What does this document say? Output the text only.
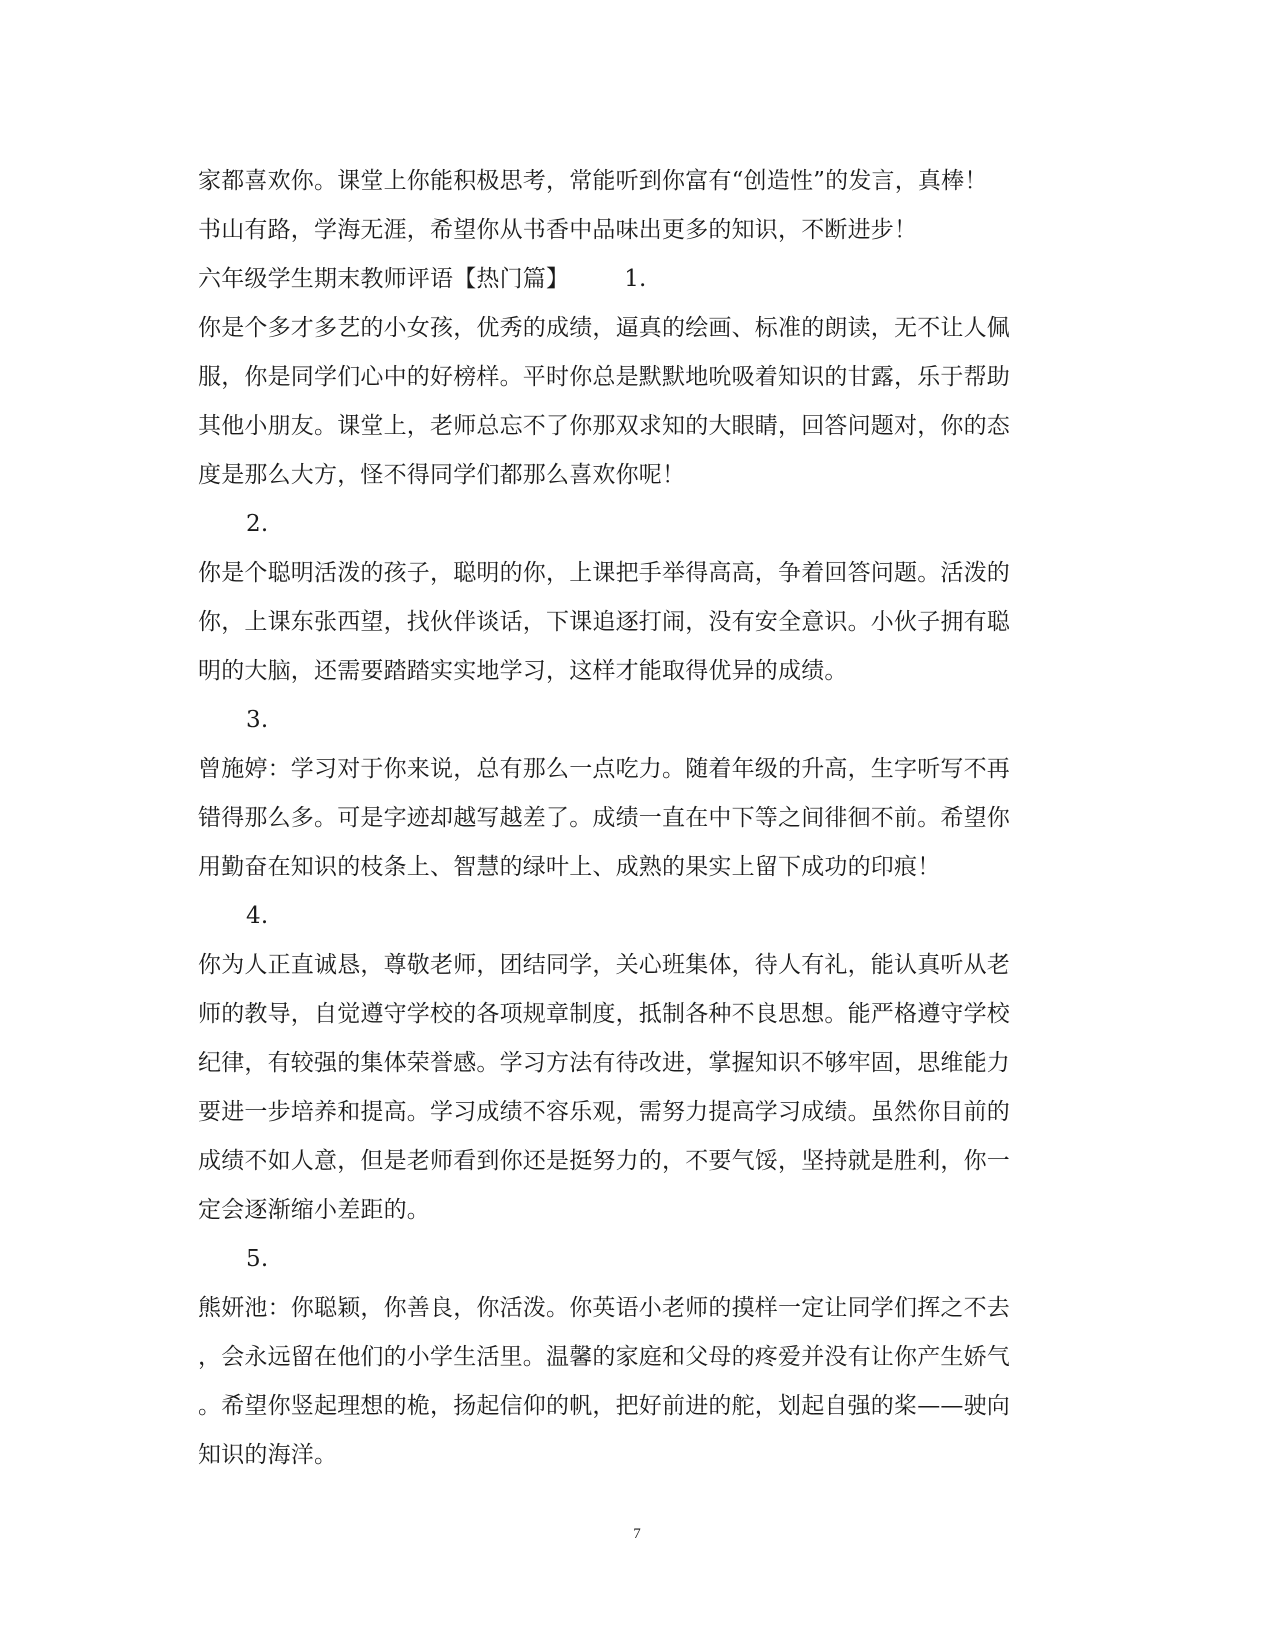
家都喜欢你。课堂上你能积极思考，常能听到你富有“创造性”的发言，真棒！
书山有路，学海无涯，希望你从书香中品味出更多的知识，不断进步！
六年级学生期末教师评语【热门篇】 1.
你是个多才多艺的小女孩，优秀的成绩，逼真的绘画、标准的朗读，无不让人佩
服，你是同学们心中的好榜样。平时你总是默默地吮吸着知识的甘露，乐于帮助
其他小朋友。课堂上，老师总忘不了你那双求知的大眼睛，回答问题对，你的态
度是那么大方，怪不得同学们都那么喜欢你呢！
2.
你是个聪明活泼的孩子，聪明的你，上课把手举得高高，争着回答问题。活泼的
你，上课东张西望，找伙伴谈话，下课追逐打闹，没有安全意识。小伙子拥有聪
明的大脑，还需要踏踏实实地学习，这样才能取得优异的成绩。
3.
曾施婷：学习对于你来说，总有那么一点吃力。随着年级的升高，生字听写不再
错得那么多。可是字迹却越写越差了。成绩一直在中下等之间徘徊不前。希望你
用勤奋在知识的枝条上、智慧的绿叶上、成熟的果实上留下成功的印痕！
4.
你为人正直诚恳，尊敬老师，团结同学，关心班集体，待人有礼，能认真听从老
师的教导，自觉遵守学校的各项规章制度，抵制各种不良思想。能严格遵守学校
纪律，有较强的集体荣誉感。学习方法有待改进，掌握知识不够牢固，思维能力
要进一步培养和提高。学习成绩不容乐观，需努力提高学习成绩。虽然你目前的
成绩不如人意，但是老师看到你还是挺努力的，不要气馁，坚持就是胜利，你一
定会逐渐缩小差距的。
5.
熊妍池：你聪颖，你善良，你活泼。你英语小老师的摸样一定让同学们挥之不去
，会永远留在他们的小学生活里。温馨的家庭和父母的疼爱并没有让你产生娇气
。希望你竖起理想的桅，扬起信仰的帆，把好前进的舵，划起自强的桨——驶向
知识的海洋。
7
